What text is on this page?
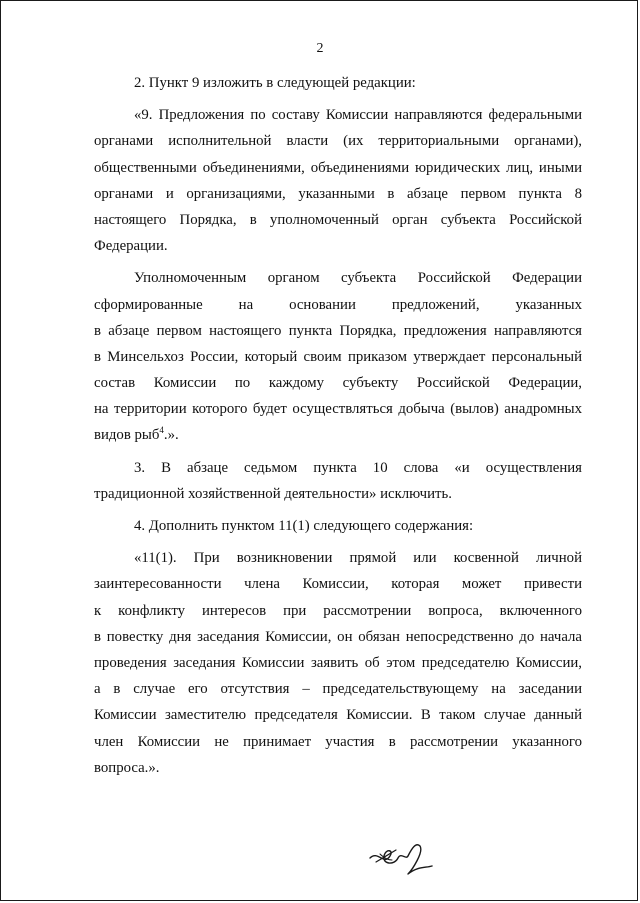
2
2. Пункт 9 изложить в следующей редакции:
«9. Предложения по составу Комиссии направляются федеральными
органами исполнительной власти (их территориальными органами),
общественными объединениями, объединениями юридических лиц, иными
органами и организациями, указанными в абзаце первом пункта 8
настоящего Порядка, в уполномоченный орган субъекта Российской
Федерации.
Уполномоченным органом субъекта Российской Федерации
сформированные на основании предложений, указанных
в абзаце первом настоящего пункта Порядка, предложения направляются
в Минсельхоз России, который своим приказом утверждает персональный
состав Комиссии по каждому субъекту Российской Федерации,
на территории которого будет осуществляться добыча (вылов) анадромных
видов рыб$^4$.».
3. В абзаце седьмом пункта 10 слова «и осуществления
традиционной хозяйственной деятельности» исключить.
4. Дополнить пунктом 11(1) следующего содержания:
«11(1). При возникновении прямой или косвенной личной
заинтересованности члена Комиссии, которая может привести
к конфликту интересов при рассмотрении вопроса, включенного
в повестку дня заседания Комиссии, он обязан непосредственно до начала
проведения заседания Комиссии заявить об этом председателю Комиссии,
а в случае его отсутствия – председательствующему на заседании
Комиссии заместителю председателя Комиссии. В таком случае данный
член Комиссии не принимает участия в рассмотрении указанного
вопроса.».
